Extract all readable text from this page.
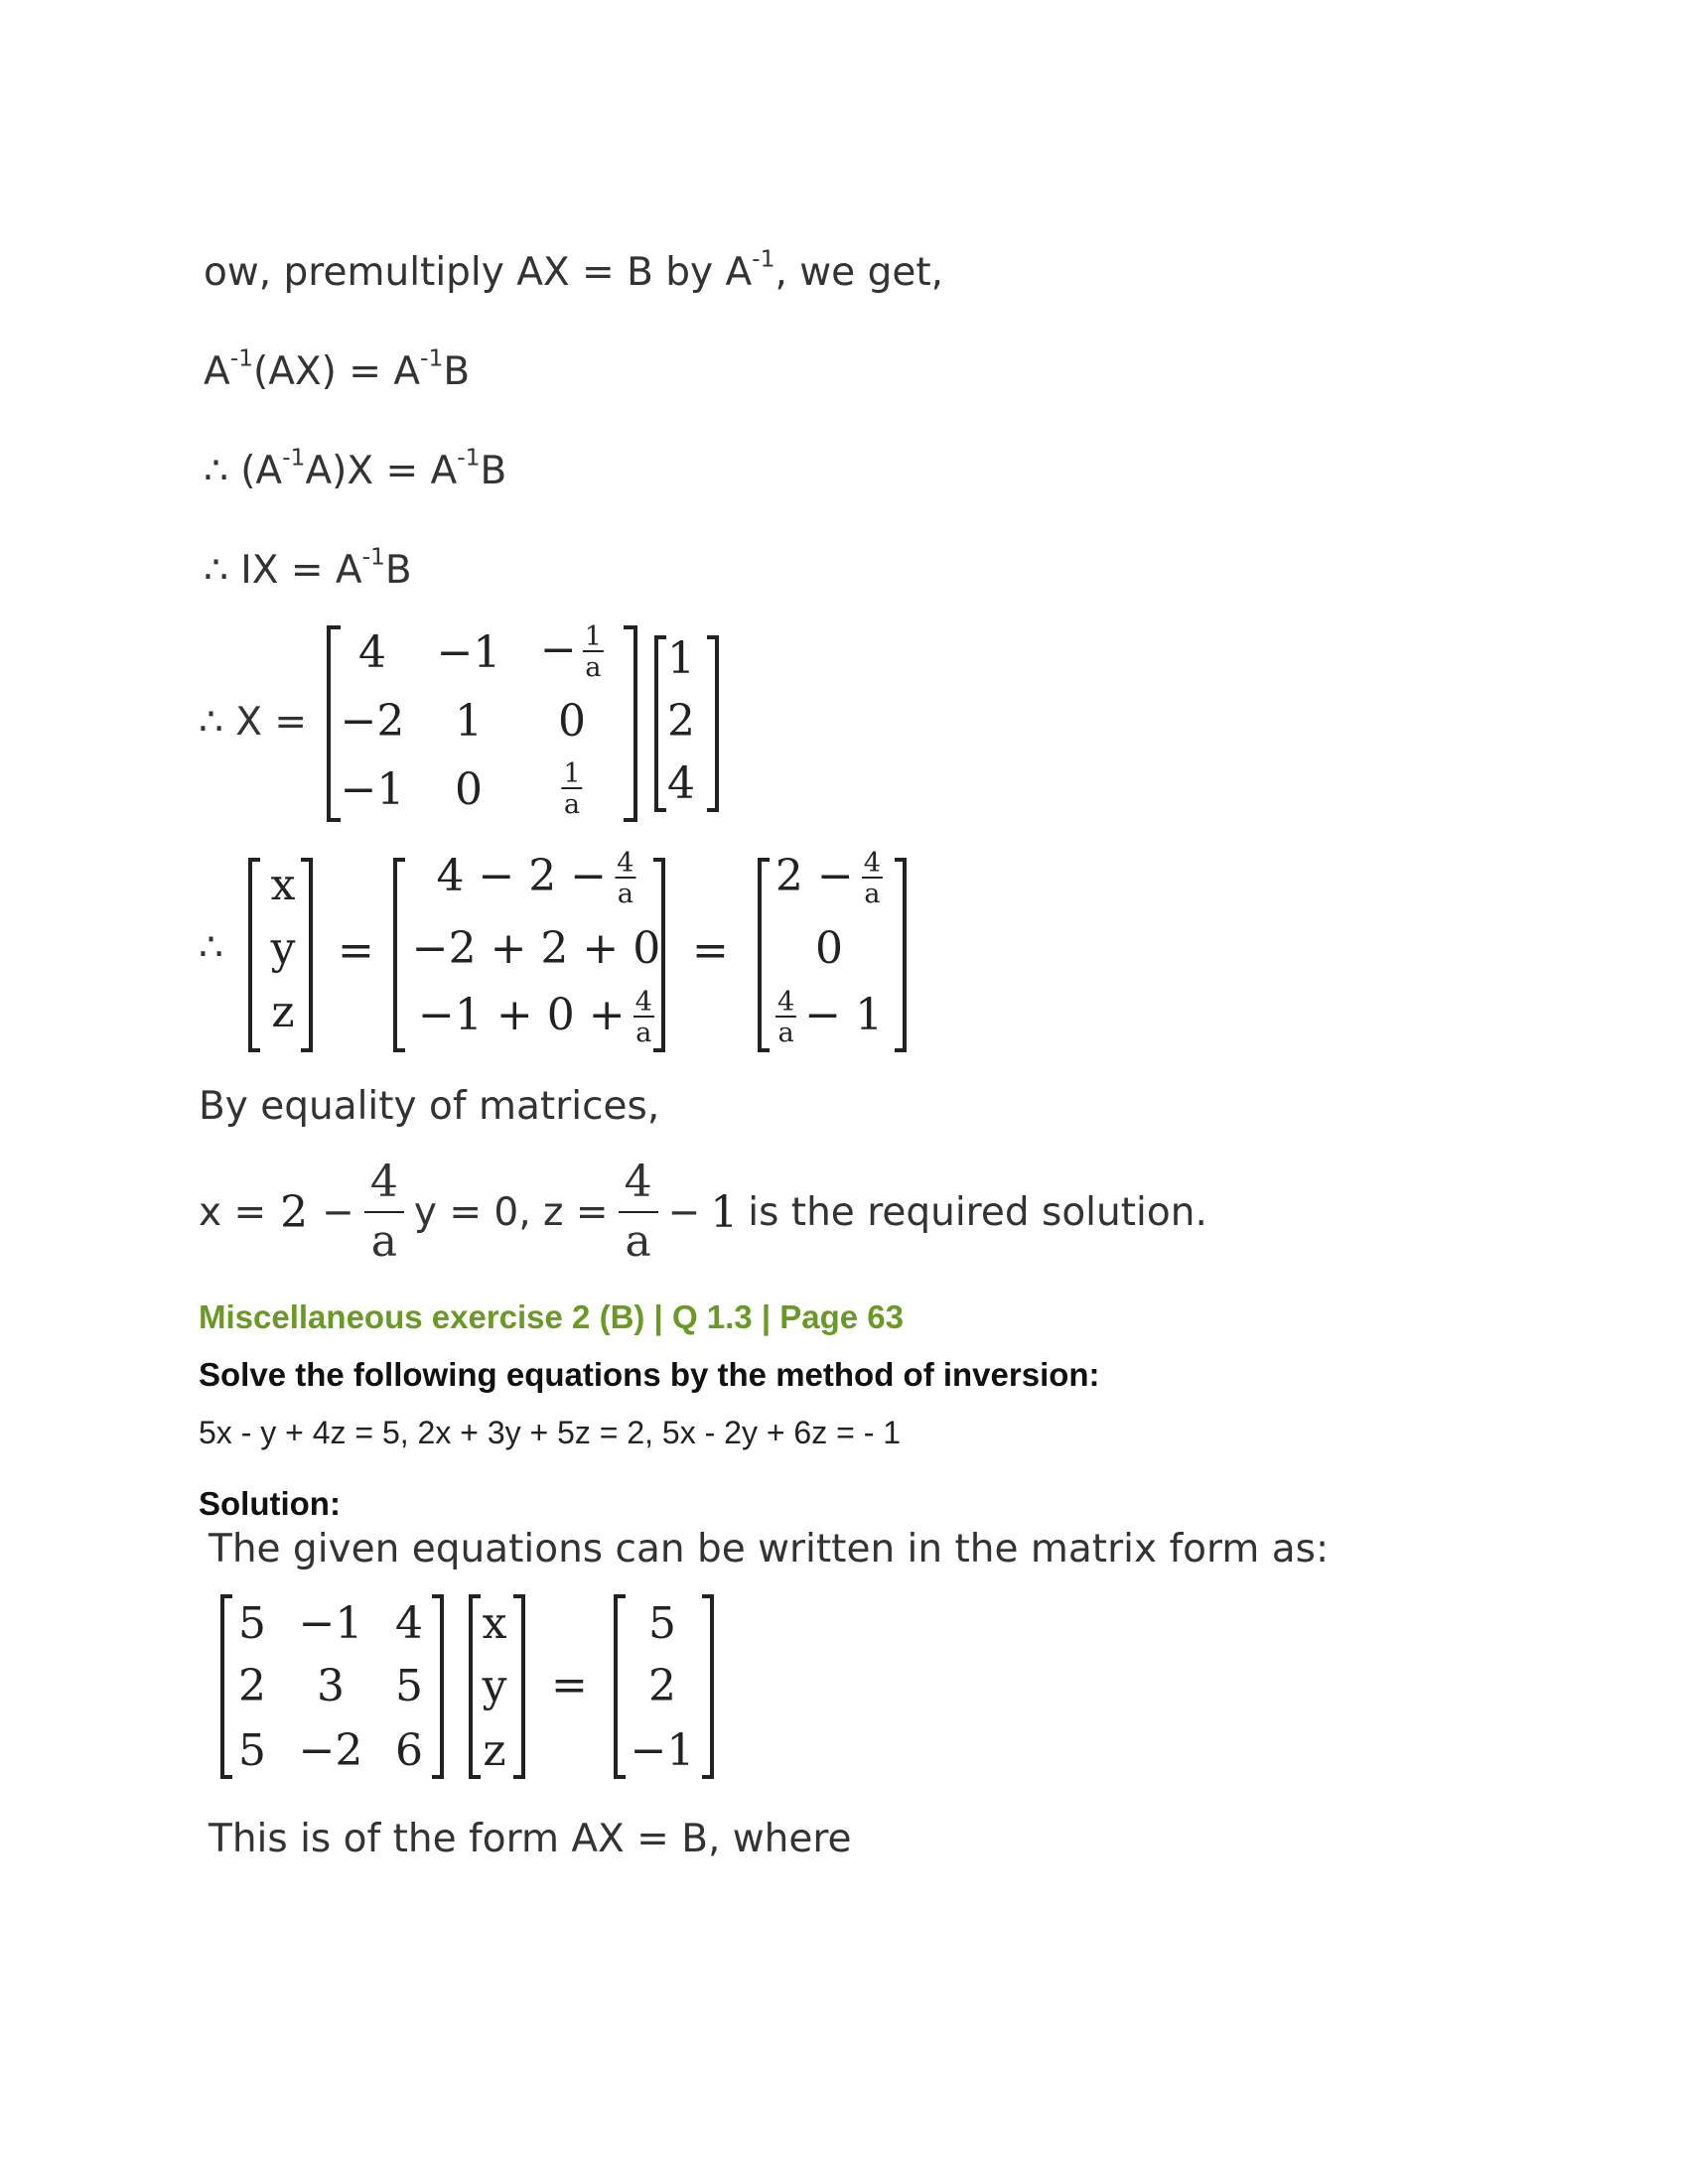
ow, premultiply AX = B by $A^{-1}$, we get,
$A^{-1}(AX) = A^{-1}B$
∴ $(A^{-1}A)X = A^{-1}B$
∴ IX = $A^{-1}B$
∴ X =
$4 -1 - \frac{1}{a}$
−2 1 0
−1 0	$\frac{1}{a}$
1
2
4
∴
x
y
z
=
$4 - 2 - \frac{4}{a}$
−2 + 2 + 0
$-1 + 0 + \frac{4}{a}$
=
$2 - \frac{4}{a}$
0
$\frac{4}{a} - 1$
By equality of matrices,
$x = 2 - \frac{4}{a}$ y = 0, $z = \frac{4}{a} - 1$ is the required solution.
Miscellaneous exercise 2 (B) | Q 1.3 | Page 63
Solve the following equations by the method of inversion:
5x - y + 4z = 5, 2x + 3y + 5z = 2, 5x - 2y + 6z = - 1
Solution:
The given equations can be written in the matrix form as:
5 −1 4
2 3 5
5 −2 6
x
y
z
=
5
2
−1
This is of the form AX = B, where
